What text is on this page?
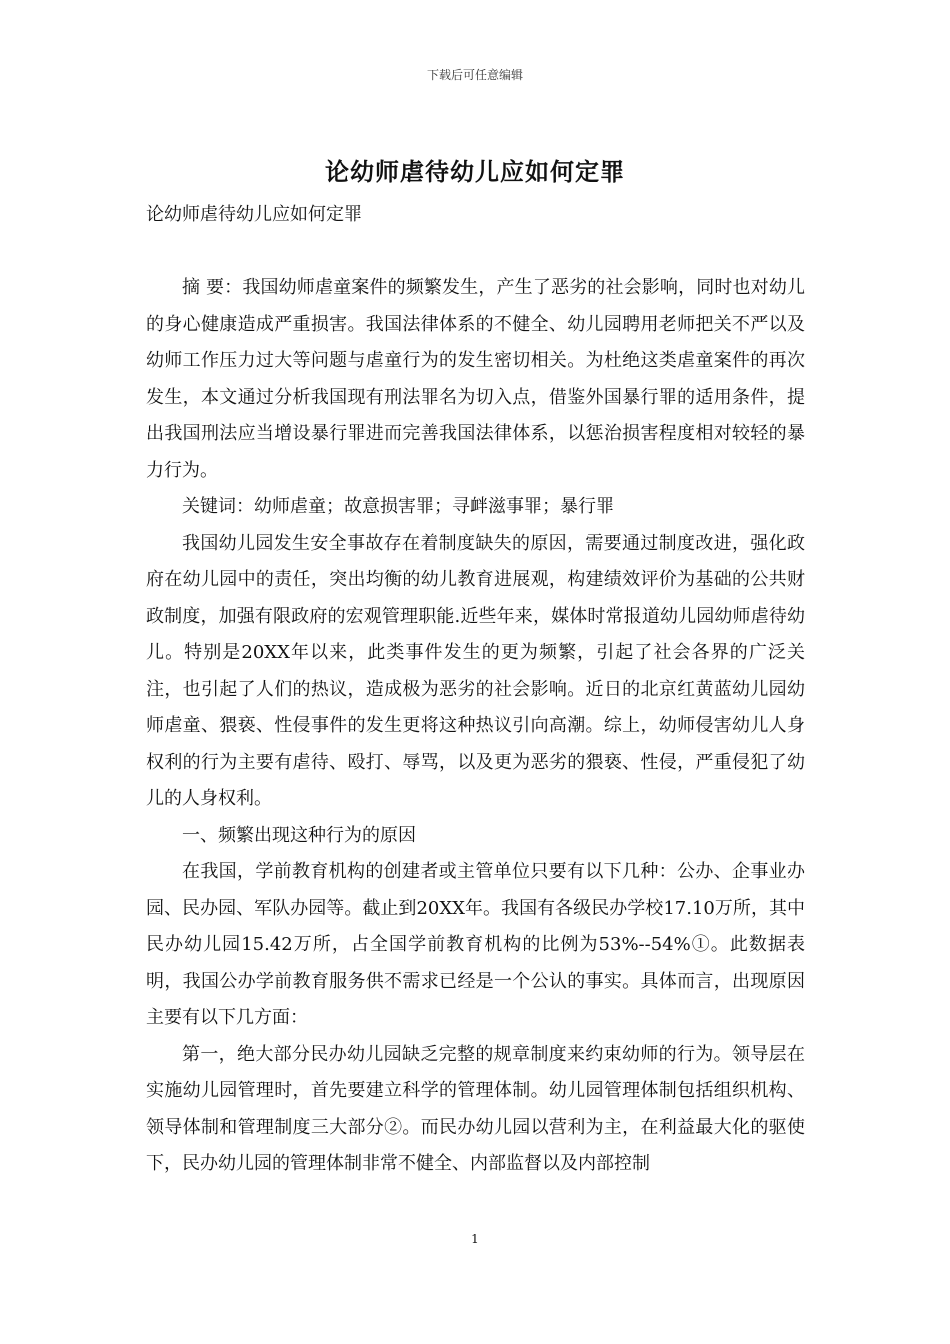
下载后可任意编辑
论幼师虐待幼儿应如何定罪
论幼师虐待幼儿应如何定罪

摘 要：我国幼师虐童案件的频繁发生，产生了恶劣的社会影响，同时也对幼儿的身心健康造成严重损害。我国法律体系的不健全、幼儿园聘用老师把关不严以及幼师工作压力过大等问题与虐童行为的发生密切相关。为杜绝这类虐童案件的再次发生，本文通过分析我国现有刑法罪名为切入点，借鉴外国暴行罪的适用条件，提出我国刑法应当增设暴行罪进而完善我国法律体系，以惩治损害程度相对较轻的暴力行为。

关键词：幼师虐童；故意损害罪；寻衅滋事罪；暴行罪

我国幼儿园发生安全事故存在着制度缺失的原因，需要通过制度改进，强化政府在幼儿园中的责任，突出均衡的幼儿教育进展观，构建绩效评价为基础的公共财政制度，加强有限政府的宏观管理职能.近些年来，媒体时常报道幼儿园幼师虐待幼儿。特别是20XX年以来，此类事件发生的更为频繁，引起了社会各界的广泛关注，也引起了人们的热议，造成极为恶劣的社会影响。近日的北京红黄蓝幼儿园幼师虐童、猥亵、性侵事件的发生更将这种热议引向高潮。综上，幼师侵害幼儿人身权利的行为主要有虐待、殴打、辱骂，以及更为恶劣的猥亵、性侵，严重侵犯了幼儿的人身权利。

一、频繁出现这种行为的原因

在我国，学前教育机构的创建者或主管单位只要有以下几种：公办、企事业办园、民办园、军队办园等。截止到20XX年。我国有各级民办学校17.10万所，其中民办幼儿园15.42万所，占全国学前教育机构的比例为53%--54%①。此数据表明，我国公办学前教育服务供不需求已经是一个公认的事实。具体而言，出现原因主要有以下几方面：

第一，绝大部分民办幼儿园缺乏完整的规章制度来约束幼师的行为。领导层在实施幼儿园管理时，首先要建立科学的管理体制。幼儿园管理体制包括组织机构、领导体制和管理制度三大部分②。而民办幼儿园以营利为主，在利益最大化的驱使下，民办幼儿园的管理体制非常不健全、内部监督以及内部控制

1
